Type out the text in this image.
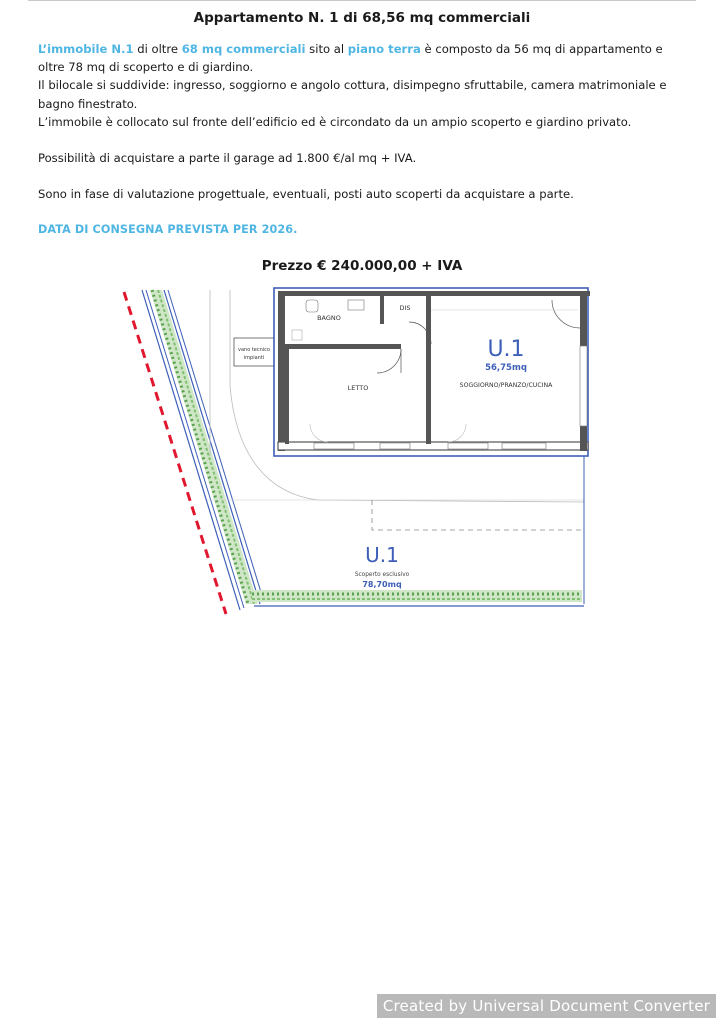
Appartamento N. 1 di 68,56 mq commerciali

L’immobile N.1 di oltre 68 mq commerciali sito al piano terra è composto da 56 mq di appartamento e oltre 78 mq di scoperto e di giardino.

Il bilocale si suddivide: ingresso, soggiorno e angolo cottura, disimpegno sfruttabile, camera matrimoniale e bagno finestrato.

L’immobile è collocato sul fronte dell’edificio ed è circondato da un ampio scoperto e giardino privato.

Possibilità di acquistare a parte il garage ad 1.800 €/al mq + IVA.

Sono in fase di valutazione progettuale, eventuali, posti auto scoperti da acquistare a parte.

DATA DI CONSEGNA PREVISTA PER 2026.

Prezzo € 240.000,00 + IVA
vano tecnico
impianti
BAGNO
DIS
LETTO
U.1
56,75mq
SOGGIORNO/PRANZO/CUCINA
U.1
Scoperto esclusivo
78,70mq
Created by Universal Document Converter
